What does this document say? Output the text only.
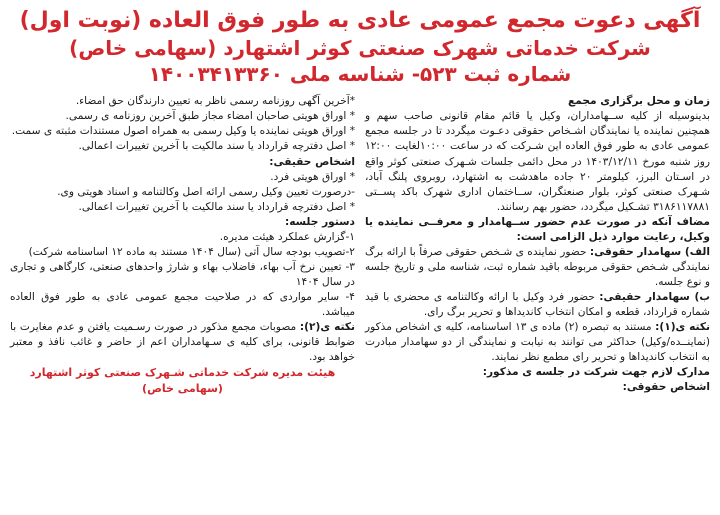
آگهی دعوت مجمع عمومی عادی به طور فوق العاده (نوبت اول)
شرکت خدماتی شهرک صنعتی کوثر اشتهارد (سهامی خاص)
شماره ثبت ۵۲۳- شناسه ملی ۱۴۰۰۳۴۱۳۳۶۰

زمان و محل برگزاری مجمع

بدینوسیله از کلیه ســهامداران، وکیل یا قائم مقام قانونی صاحب سهم و همچنین نماینده یا نمایندگان اشـخاص حقوقی دعـوت میگردد تا در جلسه مجمع عمومی عادی به طور فوق العاده این شـرکت که در ساعت ۱۰:۰۰لغایت ۱۲:۰۰ روز شنبه مورخ ۱۴۰۳/۱۲/۱۱ در محل دائمی جلسات شـهرک صنعتی کوثر واقع در اسـتان البرز، کیلومتر ۲۰ جاده ماهدشت به اشتهارد، روبروی پلنگ آباد، شـهرک صنعتی کوثر، بلوار صنعتگران، ســاختمان اداری شهرک باکد پســتی ۳۱۸۶۱۱۷۸۸۱ تشـکیل میگردد، حضور بهم رسانند.

مضاف آنکه در صورت عدم حضور ســهامدار و معرفــی نماینده یا وکیل، رعایت موارد ذیل الزامی است:

الف) سهامدار حقوقی: حضور نماینده ی شـخص حقوقی صرفاً با ارائه برگ نمایندگی شـخص حقوقی مربوطه باقید شماره ثبت، شناسه ملی و تاریخ جلسه و نوع جلسه.

ب) سهامدار حقیقی: حضور فرد وکیل با ارائه وکالتنامه ی محضری با قید شماره قرارداد، قطعه و امکان انتخاب کاندیداها و تحریر برگ رای.

نکته ی(۱): مستند به تبصره (۲) ماده ی ۱۳ اساسنامه، کلیه ی اشخاص مذکور (نماینــده/وکیل) حداکثر می توانند به نیابت و نمایندگی از دو سهامدار مبادرت به انتخاب کاندیداها و تحریر رای مطمع نظر نمایند.

مدارک لازم جهت شرکت در جلسه ی مذکور:

اشخاص حقوقی:

*آخرین آگهی روزنامه رسمی ناظر به تعیین دارندگان حق امضاء.

* اوراق هویتی صاحبان امضاء مجاز طبق آخرین روزنامه ی رسمی.

* اوراق هویتی نماینده یا وکیل رسمی به همراه اصول مستندات مثبته ی سمت.

* اصل دفترچه قرارداد یا سند مالکیت با آخرین تغییرات اعمالی.

اشخاص حقیقی:

* اوراق هویتی فرد.

-درصورت تعیین وکیل رسمی ارائه اصل وکالتنامه و اسناد هویتی وی.

* اصل دفترچه قرارداد یا سند مالکیت با آخرین تغییرات اعمالی.

دستور جلسه:

۱-گزارش عملکرد هیئت مدیره.

۲-تصویب بودجه سال آتی (سال ۱۴۰۴ مستند به ماده ۱۲ اساسنامه شرکت)

۳- تعیین نرخ آب بهاء، فاضلاب بهاء و شارژ واحدهای صنعتی، کارگاهی و تجاری در سال ۱۴۰۴

۴- سایر مواردی که در صلاحیت مجمع عمومی عادی به طور فوق العاده میباشد.

نکته ی(۲): مصوبات مجمع مذکور در صورت رسـمیت یافتن و عدم مغایرت با ضوابط قانونی، برای کلیه ی سـهامداران اعم از حاضر و غائب نافذ و معتبر خواهد بود.

هیئت مدیره شرکت خدماتی شـهرک صنعتی کوثر اشتهارد (سهامی خاص)
